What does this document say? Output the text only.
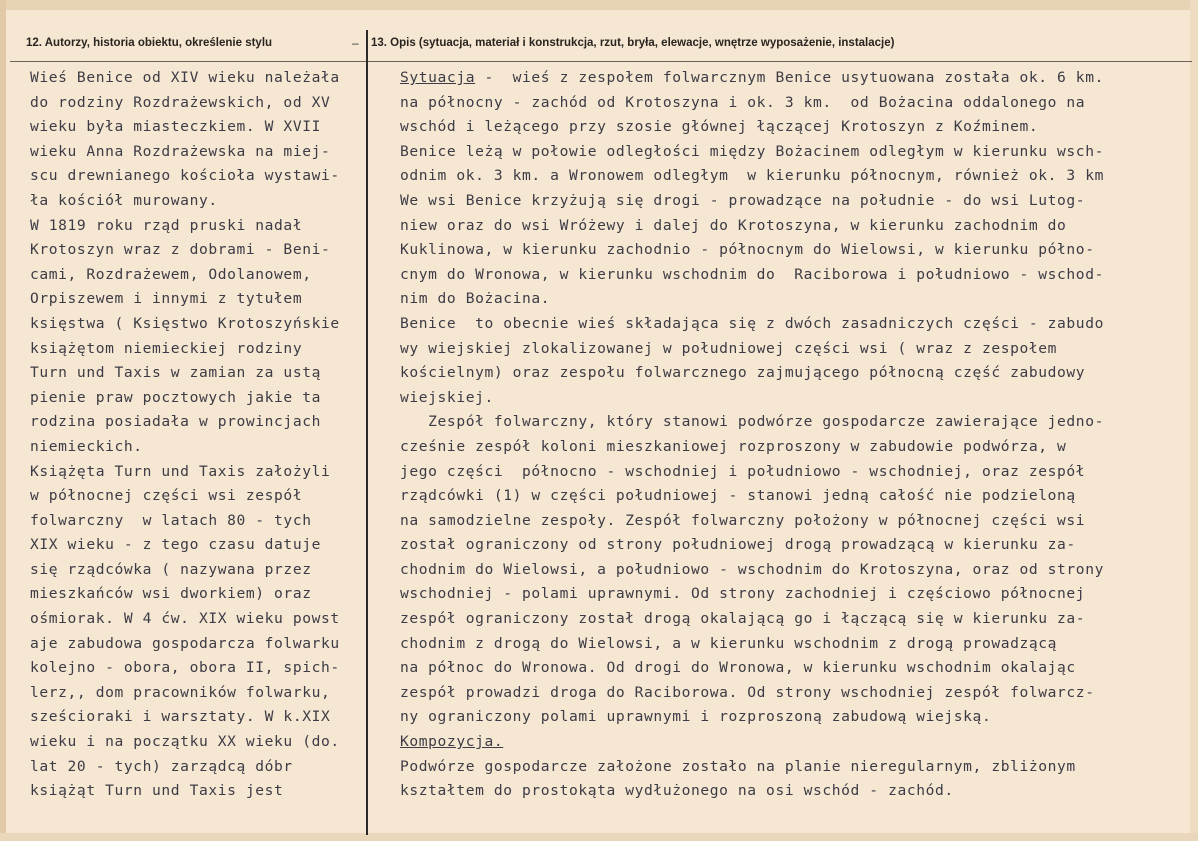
12. Autorzy, historia obiektu, określenie stylu	– 13. Opis (sytuacja, materiał i konstrukcja, rzut, bryła, elewacje, wnętrze wyposażenie, instalacje)
Wieś Benice od XIV wieku należała
do rodziny Rozdrażewskich, od XV
wieku była miasteczkiem. W XVII
wieku Anna Rozdrażewska na miej-
scu drewnianego kościoła wystawi-
ła kościół murowany.
W 1819 roku rząd pruski nadał
Krotoszyn wraz z dobrami - Beni-
cami, Rozdrażewem, Odolanowem,
Orpiszewem i innymi z tytułem
księstwa ( Księstwo Krotoszyńskie
książętom niemieckiej rodziny
Turn und Taxis w zamian za ustą
pienie praw pocztowych jakie ta
rodzina posiadała w prowincjach
niemieckich.
Książęta Turn und Taxis założyli
w północnej części wsi zespół
folwarczny  w latach 80 - tych
XIX wieku - z tego czasu datuje
się rządcówka ( nazywana przez
mieszkańców wsi dworkiem) oraz
ośmiorak. W 4 ćw. XIX wieku powst
aje zabudowa gospodarcza folwarku
kolejno - obora, obora II, spich-
lerz,, dom pracowników folwarku,
sześcioraki i warsztaty. W k.XIX
wieku i na początku XX wieku (do.
lat 20 - tych) zarządcą dóbr
książąt Turn und Taxis jest
Sytuacja -  wieś z zespołem folwarcznym Benice usytuowana została ok. 6 km.
na północny - zachód od Krotoszyna i ok. 3 km.  od Bożacina oddalonego na
wschód i leżącego przy szosie głównej łączącej Krotoszyn z Koźminem.
Benice leżą w połowie odległości między Bożacinem odległym w kierunku wsch-
odnim ok. 3 km. a Wronowem odległym  w kierunku północnym, również ok. 3 km
We wsi Benice krzyżują się drogi - prowadzące na południe - do wsi Lutog-
niew oraz do wsi Wróżewy i dalej do Krotoszyna, w kierunku zachodnim do
Kuklinowa, w kierunku zachodnio - północnym do Wielowsi, w kierunku półno-
cnym do Wronowa, w kierunku wschodnim do  Raciborowa i południowo - wschod-
nim do Bożacina.
Benice  to obecnie wieś składająca się z dwóch zasadniczych części - zabudo
wy wiejskiej zlokalizowanej w południowej części wsi ( wraz z zespołem
kościelnym) oraz zespołu folwarcznego zajmującego północną część zabudowy
wiejskiej.
Zespół folwarczny, który stanowi podwórze gospodarcze zawierające jedno-
cześnie zespół koloni mieszkaniowej rozproszony w zabudowie podwórza, w
jego części  północno - wschodniej i południowo - wschodniej, oraz zespół
rządcówki (1) w części południowej - stanowi jedną całość nie podzieloną
na samodzielne zespoły. Zespół folwarczny położony w północnej części wsi
został ograniczony od strony południowej drogą prowadzącą w kierunku za-
chodnim do Wielowsi, a południowo - wschodnim do Krotoszyna, oraz od strony
wschodniej - polami uprawnymi. Od strony zachodniej i częściowo północnej
zespół ograniczony został drogą okalającą go i łączącą się w kierunku za-
chodnim z drogą do Wielowsi, a w kierunku wschodnim z drogą prowadzącą
na północ do Wronowa. Od drogi do Wronowa, w kierunku wschodnim okalając
zespół prowadzi droga do Raciborowa. Od strony wschodniej zespół folwarcz-
ny ograniczony polami uprawnymi i rozproszoną zabudową wiejską.
Kompozycja.
Podwórze gospodarcze założone zostało na planie nieregularnym, zbliżonym
kształtem do prostokąta wydłużonego na osi wschód - zachód.
